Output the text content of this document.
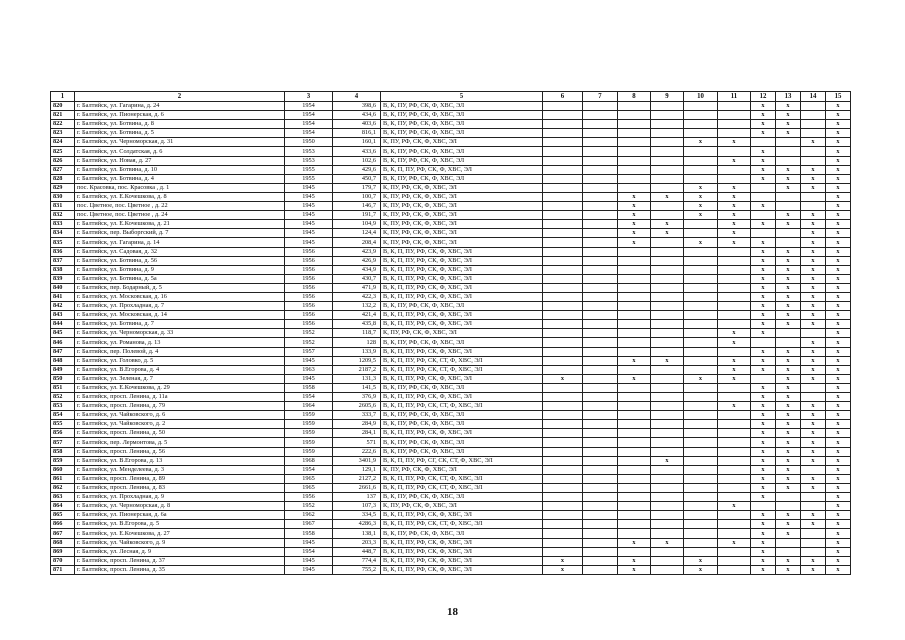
1	2	3	4	5	6	7	8	9	10	11	12	13	14	15
820	г. Балтийск, ул. Гагарина, д. 24	1954	398,6	В, К, ПУ, РФ, СК, Ф, ХВС, ЭЛ							x	x		x
821	г. Балтийск, ул. Пионерская, д. 6	1954	434,6	В, К, ПУ, РФ, СК, Ф, ХВС, ЭЛ							x	x		x
822	г. Балтийск, ул. Ботвина, д. 8	1954	403,6	В, К, ПУ, РФ, СК, Ф, ХВС, ЭЛ							x	x		x
823	г. Балтийск, ул. Ботвина, д. 5	1954	816,1	В, К, ПУ, РФ, СК, Ф, ХВС, ЭЛ							x	x		x
824	г. Балтийск, ул. Черноморская, д. 31	1950	160,1	К, ПУ, РФ, СК, Ф, ХВС, ЭЛ					x	x			x	x
825	г. Балтийск, ул. Солдатская, д. 6	1953	433,6	В, К, ПУ, РФ, СК, Ф, ХВС, ЭЛ							x			x
826	г. Балтийск, ул. Новая, д. 27	1953	102,6	В, К, ПУ, РФ, СК, Ф, ХВС, ЭЛ						x	x			x
827	г. Балтийск, ул. Ботвина, д. 10	1955	429,6	В, К, П, ПУ, РФ, СК, Ф, ХВС, ЭЛ							x	x	x	x
828	г. Балтийск, ул. Ботвина, д. 4	1955	450,7	В, К, ПУ, РФ, СК, Ф, ХВС, ЭЛ							x	x	x	x
829	пос. Красовка, пос. Красовка , д. 1	1945	179,7	К, ПУ, РФ, СК, Ф, ХВС, ЭЛ					x	x		x	x	x
830	г. Балтийск, ул. Е.Кочешкова, д. 8	1945	100,7	К, ПУ, РФ, СК, Ф, ХВС, ЭЛ			x	x	x	x				x
831	пос. Цветное, пос. Цветное , д. 22	1945	146,7	К, ПУ, РФ, СК, Ф, ХВС, ЭЛ			x		x	x	x			x
832	пос. Цветное, пос. Цветное , д. 24	1945	191,7	К, ПУ, РФ, СК, Ф, ХВС, ЭЛ			x		x	x		x	x	x
833	г. Балтийск, ул. Е.Кочешкова, д. 21	1945	104,9	К, ПУ, РФ, СК, Ф, ХВС, ЭЛ			x	x		x	x	x	x	x
834	г. Балтийск, пер. Выборгский, д. 7	1945	124,4	К, ПУ, РФ, СК, Ф, ХВС, ЭЛ			x	x		x			x	x
835	г. Балтийск, ул. Гагарина, д. 14	1945	208,4	К, ПУ, РФ, СК, Ф, ХВС, ЭЛ			x		x	x	x		x	x
836	г. Балтийск, ул. Садовая, д. 32	1956	423,9	В, К, П, ПУ, РФ, СК, Ф, ХВС, ЭЛ							x	x	x	x
837	г. Балтийск, ул. Ботвина, д. 56	1956	426,9	В, К, П, ПУ, РФ, СК, Ф, ХВС, ЭЛ							x	x	x	x
838	г. Балтийск, ул. Ботвина, д. 9	1956	434,9	В, К, П, ПУ, РФ, СК, Ф, ХВС, ЭЛ							x	x	x	x
839	г. Балтийск, ул. Ботвина, д. 5а	1956	430,7	В, К, П, ПУ, РФ, СК, Ф, ХВС, ЭЛ							x	x	x	x
840	г. Балтийск, пер. Бодарный, д. 5	1956	471,9	В, К, П, ПУ, РФ, СК, Ф, ХВС, ЭЛ							x	x	x	x
841	г. Балтийск, ул. Московская, д. 16	1956	422,3	В, К, П, ПУ, РФ, СК, Ф, ХВС, ЭЛ							x	x	x	x
842	г. Балтийск, ул. Прохладная, д. 7	1956	132,2	В, К, ПУ, РФ, СК, Ф, ХВС, ЭЛ							x	x	x	x
843	г. Балтийск, ул. Московская, д. 14	1956	421,4	В, К, П, ПУ, РФ, СК, Ф, ХВС, ЭЛ							x	x	x	x
844	г. Балтийск, ул. Ботвина, д. 7	1956	435,8	В, К, П, ПУ, РФ, СК, Ф, ХВС, ЭЛ							x	x	x	x
845	г. Балтийск, ул. Черноморская, д. 33	1952	118,7	К, ПУ, РФ, СК, Ф, ХВС, ЭЛ						x	x			x
846	г. Балтийск, ул. Романова, д. 13	1952	128	В, К, ПУ, РФ, СК, Ф, ХВС, ЭЛ						x			x	x
847	г. Балтийск, пер. Полевой, д. 4	1957	133,9	В, К, П, ПУ, РФ, СК, Ф, ХВС, ЭЛ							x	x	x	x
848	г. Балтийск, ул. Головко, д. 5	1945	1209,5	В, К, П, ПУ, РФ, СК, СТ, Ф, ХВС, ЭЛ			x	x		x	x	x	x	x
849	г. Балтийск, ул. В.Егорова, д. 4	1963	2187,2	В, К, П, ПУ, РФ, СК, СТ, Ф, ХВС, ЭЛ						x	x	x	x	x
850	г. Балтийск, ул. Зеленая, д. 7	1945	131,3	В, К, П, ПУ, РФ, СК, Ф, ХВС, ЭЛ	x		x		x	x		x	x	x
851	г. Балтийск, ул. Е.Кочешкова, д. 29	1958	141,5	В, К, ПУ, РФ, СК, Ф, ХВС, ЭЛ							x	x		x
852	г. Балтийск, просп. Ленина, д. 11а	1954	376,9	В, К, П, ПУ, РФ, СК, Ф, ХВС, ЭЛ							x	x		x
853	г. Балтийск, просп. Ленина, д. 79	1964	2605,6	В, К, П, ПУ, РФ, СК, СТ, Ф, ХВС, ЭЛ						x	x	x	x	x
854	г. Балтийск, ул. Чайковского, д. 6	1959	333,7	В, К, ПУ, РФ, СК, Ф, ХВС, ЭЛ							x	x	x	x
855	г. Балтийск, ул. Чайковского, д. 2	1959	284,9	В, К, ПУ, РФ, СК, Ф, ХВС, ЭЛ							x	x	x	x
856	г. Балтийск, просп. Ленина, д. 50	1959	284,1	В, К, П, ПУ, РФ, СК, Ф, ХВС, ЭЛ							x	x	x	x
857	г. Балтийск, пер. Лермонтова, д. 5	1959	571	В, К, ПУ, РФ, СК, Ф, ХВС, ЭЛ							x	x	x	x
858	г. Балтийск, просп. Ленина, д. 56	1959	222,6	В, К, ПУ, РФ, СК, Ф, ХВС, ЭЛ							x	x	x	x
859	г. Балтийск, ул. В.Егорова, д. 13	1968	3401,9	В, К, П, ПУ, РФ, СГ, СК, СТ, Ф, ХВС, ЭЛ				x			x	x	x	x
860	г. Балтийск, ул. Менделеева, д. 3	1954	129,1	К, ПУ, РФ, СК, Ф, ХВС, ЭЛ							x	x		x
861	г. Балтийск, просп. Ленина, д. 89	1965	2127,2	В, К, П, ПУ, РФ, СК, СТ, Ф, ХВС, ЭЛ							x	x	x	x
862	г. Балтийск, просп. Ленина, д. 83	1965	2661,6	В, К, П, ПУ, РФ, СК, СТ, Ф, ХВС, ЭЛ							x	x	x	x
863	г. Балтийск, ул. Прохладная, д. 9	1956	137	В, К, ПУ, РФ, СК, Ф, ХВС, ЭЛ							x			x
864	г. Балтийск, ул. Черноморская, д. 8	1952	107,3	К, ПУ, РФ, СК, Ф, ХВС, ЭЛ						x				x
865	г. Балтийск, ул. Пионерская, д. 6а	1962	334,5	В, К, П, ПУ, РФ, СК, Ф, ХВС, ЭЛ							x	x	x	x
866	г. Балтийск, ул. В.Егорова, д. 5	1967	4286,3	В, К, П, ПУ, РФ, СК, СТ, Ф, ХВС, ЭЛ							x	x	x	x
867	г. Балтийск, ул. Е.Кочешкова, д. 27	1958	138,1	В, К, ПУ, РФ, СК, Ф, ХВС, ЭЛ							x	x		x
868	г. Балтийск, ул. Чайковского, д. 9	1945	203,3	В, К, П, ПУ, РФ, СК, Ф, ХВС, ЭЛ			x	x		x	x			x
869	г. Балтийск, ул. Лесная, д. 9	1954	448,7	В, К, П, ПУ, РФ, СК, Ф, ХВС, ЭЛ							x			x
870	г. Балтийск, просп. Ленина, д. 37	1945	774,4	В, К, П, ПУ, РФ, СК, Ф, ХВС, ЭЛ	x		x		x		x	x	x	x
871	г. Балтийск, просп. Ленина, д. 35	1945	755,2	В, К, П, ПУ, РФ, СК, Ф, ХВС, ЭЛ	x		x		x		x	x	x	x
18
